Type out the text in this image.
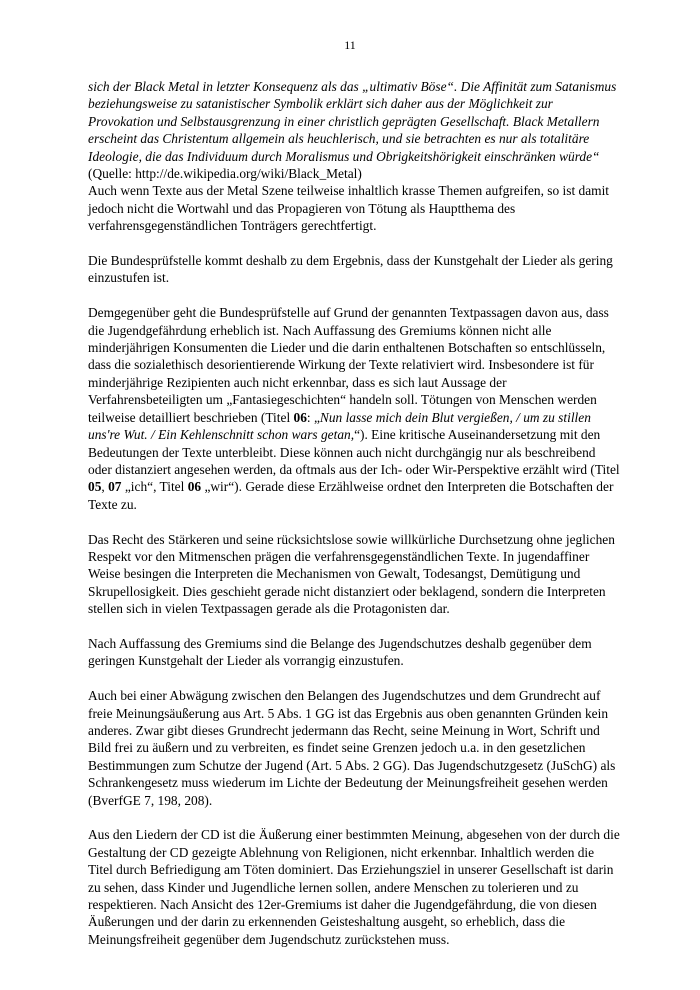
11

sich der Black Metal in letzter Konsequenz als das „ultimativ Böse“. Die Affinität zum Satanismus beziehungsweise zu satanistischer Symbolik erklärt sich daher aus der Möglichkeit zur Provokation und Selbstausgrenzung in einer christlich geprägten Gesellschaft. Black Metallern erscheint das Christentum allgemein als heuchlerisch, und sie betrachten es nur als totalitäre Ideologie, die das Individuum durch Moralismus und Obrigkeitshörigkeit einschränken würde“ (Quelle: http://de.wikipedia.org/wiki/Black_Metal)
Auch wenn Texte aus der Metal Szene teilweise inhaltlich krasse Themen aufgreifen, so ist damit jedoch nicht die Wortwahl und das Propagieren von Tötung als Hauptthema des verfahrensgegenständlichen Tonträgers gerechtfertigt.

Die Bundesprüfstelle kommt deshalb zu dem Ergebnis, dass der Kunstgehalt der Lieder als gering einzustufen ist.

Demgegenüber geht die Bundesprüfstelle auf Grund der genannten Textpassagen davon aus, dass die Jugendgefährdung erheblich ist. Nach Auffassung des Gremiums können nicht alle minderjährigen Konsumenten die Lieder und die darin enthaltenen Botschaften so entschlüsseln, dass die sozialethisch desorientierende Wirkung der Texte relativiert wird. Insbesondere ist für minderjährige Rezipienten auch nicht erkennbar, dass es sich laut Aussage der Verfahrensbeteiligten um „Fantasiegeschichten“ handeln soll. Tötungen von Menschen werden teilweise detailliert beschrieben (Titel 06: „Nun lasse mich dein Blut vergießen, / um zu stillen uns're Wut. / Ein Kehlenschnitt schon wars getan,“). Eine kritische Auseinandersetzung mit den Bedeutungen der Texte unterbleibt. Diese können auch nicht durchgängig nur als beschreibend oder distanziert angesehen werden, da oftmals aus der Ich- oder Wir-Perspektive erzählt wird (Titel 05, 07 „ich“, Titel 06 „wir“). Gerade diese Erzählweise ordnet den Interpreten die Botschaften der Texte zu.

Das Recht des Stärkeren und seine rücksichtslose sowie willkürliche Durchsetzung ohne jeglichen Respekt vor den Mitmenschen prägen die verfahrensgegenständlichen Texte. In jugendaffiner Weise besingen die Interpreten die Mechanismen von Gewalt, Todesangst, Demütigung und Skrupellosigkeit. Dies geschieht gerade nicht distanziert oder beklagend, sondern die Interpreten stellen sich in vielen Textpassagen gerade als die Protagonisten dar.

Nach Auffassung des Gremiums sind die Belange des Jugendschutzes deshalb gegenüber dem geringen Kunstgehalt der Lieder als vorrangig einzustufen.

Auch bei einer Abwägung zwischen den Belangen des Jugendschutzes und dem Grundrecht auf freie Meinungsäußerung aus Art. 5 Abs. 1 GG ist das Ergebnis aus oben genannten Gründen kein anderes. Zwar gibt dieses Grundrecht jedermann das Recht, seine Meinung in Wort, Schrift und Bild frei zu äußern und zu verbreiten, es findet seine Grenzen jedoch u.a. in den gesetzlichen Bestimmungen zum Schutze der Jugend (Art. 5 Abs. 2 GG). Das Jugendschutzgesetz (JuSchG) als Schrankengesetz muss wiederum im Lichte der Bedeutung der Meinungsfreiheit gesehen werden (BverfGE 7, 198, 208).

Aus den Liedern der CD ist die Äußerung einer bestimmten Meinung, abgesehen von der durch die Gestaltung der CD gezeigte Ablehnung von Religionen, nicht erkennbar. Inhaltlich werden die Titel durch Befriedigung am Töten dominiert. Das Erziehungsziel in unserer Gesellschaft ist darin zu sehen, dass Kinder und Jugendliche lernen sollen, andere Menschen zu tolerieren und zu respektieren. Nach Ansicht des 12er-Gremiums ist daher die Jugendgefährdung, die von diesen Äußerungen und der darin zu erkennenden Geisteshaltung ausgeht, so erheblich, dass die Meinungsfreiheit gegenüber dem Jugendschutz zurückstehen muss.
